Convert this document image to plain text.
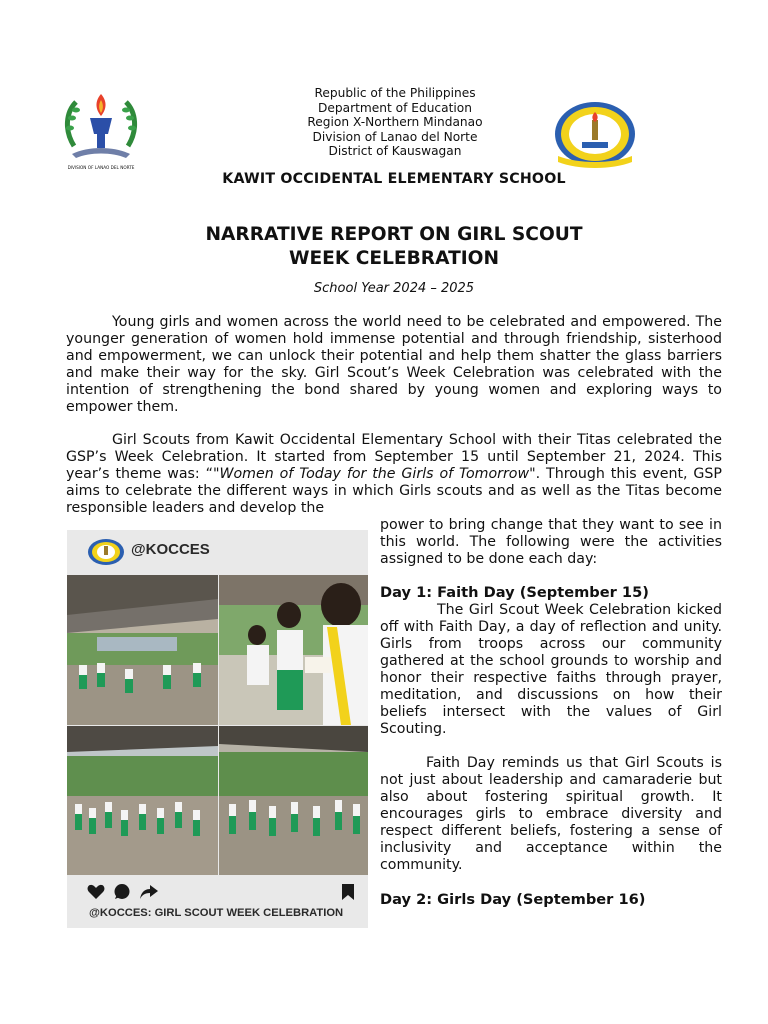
DIVISION OF LANAO DEL NORTE
Republic of the Philippines
Department of Education
Region X-Northern Mindanao
Division of Lanao del Norte
District of Kauswagan
KAWIT OCCIDENTAL ELEMENTARY SCHOOL
NARRATIVE REPORT ON GIRL SCOUT
WEEK CELEBRATION
School Year 2024 – 2025
Young girls and women across the world need to be celebrated and empowered. The younger generation of women hold immense potential and through friendship, sisterhood and empowerment, we can unlock their potential and help them shatter the glass barriers and make their way for the sky. Girl Scout’s Week Celebration was celebrated with the intention of strengthening the bond shared by young women and exploring ways to empower them.
Girl Scouts from Kawit Occidental Elementary School with their Titas celebrated the GSP’s Week Celebration. It started from September 15 until September 21, 2024. This year’s theme was: “"Women of Today for the Girls of Tomorrow". Through this event, GSP aims to celebrate the different ways in which Girls scouts and as well as the Titas become responsible leaders and develop the
power to bring change that they want to see in this world. The following were the activities assigned to be done each day:
Day 1: Faith Day (September 15)
The Girl Scout Week Celebration kicked off with Faith Day, a day of reflection and unity. Girls from troops across our community gathered at the school grounds to worship and honor their respective faiths through prayer, meditation, and discussions on how their beliefs intersect with the values of Girl Scouting.
Faith Day reminds us that Girl Scouts is not just about leadership and camaraderie but also about fostering spiritual growth. It encourages girls to embrace diversity and respect different beliefs, fostering a sense of inclusivity and acceptance within the community.
Day 2: Girls Day (September 16)
@KOCCES
@KOCCES: GIRL SCOUT WEEK CELEBRATION
